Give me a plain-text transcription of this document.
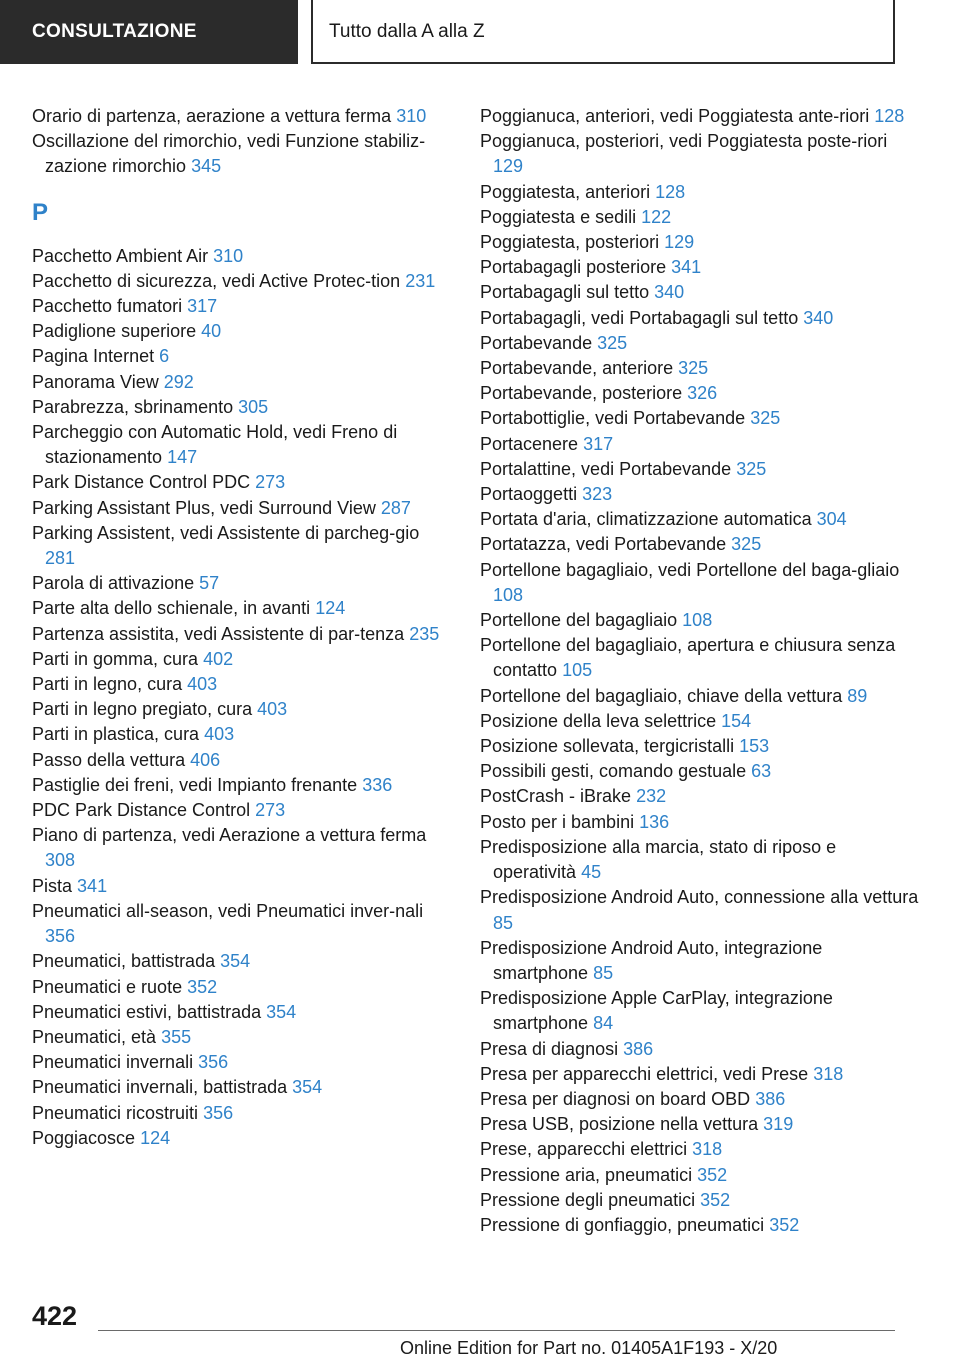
CONSULTAZIONE	Tutto dalla A alla Z
Orario di partenza, aerazione a vettura ferma 310
Oscillazione del rimorchio, vedi Funzione stabiliz-zazione rimorchio 345
P
Pacchetto Ambient Air 310
Pacchetto di sicurezza, vedi Active Protec-tion 231
Pacchetto fumatori 317
Padiglione superiore 40
Pagina Internet 6
Panorama View 292
Parabrezza, sbrinamento 305
Parcheggio con Automatic Hold, vedi Freno di stazionamento 147
Park Distance Control PDC 273
Parking Assistant Plus, vedi Surround View 287
Parking Assistent, vedi Assistente di parcheg-gio 281
Parola di attivazione 57
Parte alta dello schienale, in avanti 124
Partenza assistita, vedi Assistente di par-tenza 235
Parti in gomma, cura 402
Parti in legno, cura 403
Parti in legno pregiato, cura 403
Parti in plastica, cura 403
Passo della vettura 406
Pastiglie dei freni, vedi Impianto frenante 336
PDC Park Distance Control 273
Piano di partenza, vedi Aerazione a vettura ferma 308
Pista 341
Pneumatici all-season, vedi Pneumatici inver-nali 356
Pneumatici, battistrada 354
Pneumatici e ruote 352
Pneumatici estivi, battistrada 354
Pneumatici, età 355
Pneumatici invernali 356
Pneumatici invernali, battistrada 354
Pneumatici ricostruiti 356
Poggiacosce 124
Poggianuca, anteriori, vedi Poggiatesta ante-riori 128
Poggianuca, posteriori, vedi Poggiatesta poste-riori 129
Poggiatesta, anteriori 128
Poggiatesta e sedili 122
Poggiatesta, posteriori 129
Portabagagli posteriore 341
Portabagagli sul tetto 340
Portabagagli, vedi Portabagagli sul tetto 340
Portabevande 325
Portabevande, anteriore 325
Portabevande, posteriore 326
Portabottiglie, vedi Portabevande 325
Portacenere 317
Portalattine, vedi Portabevande 325
Portaoggetti 323
Portata d'aria, climatizzazione automatica 304
Portatazza, vedi Portabevande 325
Portellone bagagliaio, vedi Portellone del baga-gliaio 108
Portellone del bagagliaio 108
Portellone del bagagliaio, apertura e chiusura senza contatto 105
Portellone del bagagliaio, chiave della vettura 89
Posizione della leva selettrice 154
Posizione sollevata, tergicristalli 153
Possibili gesti, comando gestuale 63
PostCrash - iBrake 232
Posto per i bambini 136
Predisposizione alla marcia, stato di riposo e operatività 45
Predisposizione Android Auto, connessione alla vettura 85
Predisposizione Android Auto, integrazione smartphone 85
Predisposizione Apple CarPlay, integrazione smartphone 84
Presa di diagnosi 386
Presa per apparecchi elettrici, vedi Prese 318
Presa per diagnosi on board OBD 386
Presa USB, posizione nella vettura 319
Prese, apparecchi elettrici 318
Pressione aria, pneumatici 352
Pressione degli pneumatici 352
Pressione di gonfiaggio, pneumatici 352
422
Online Edition for Part no. 01405A1F193 - X/20
